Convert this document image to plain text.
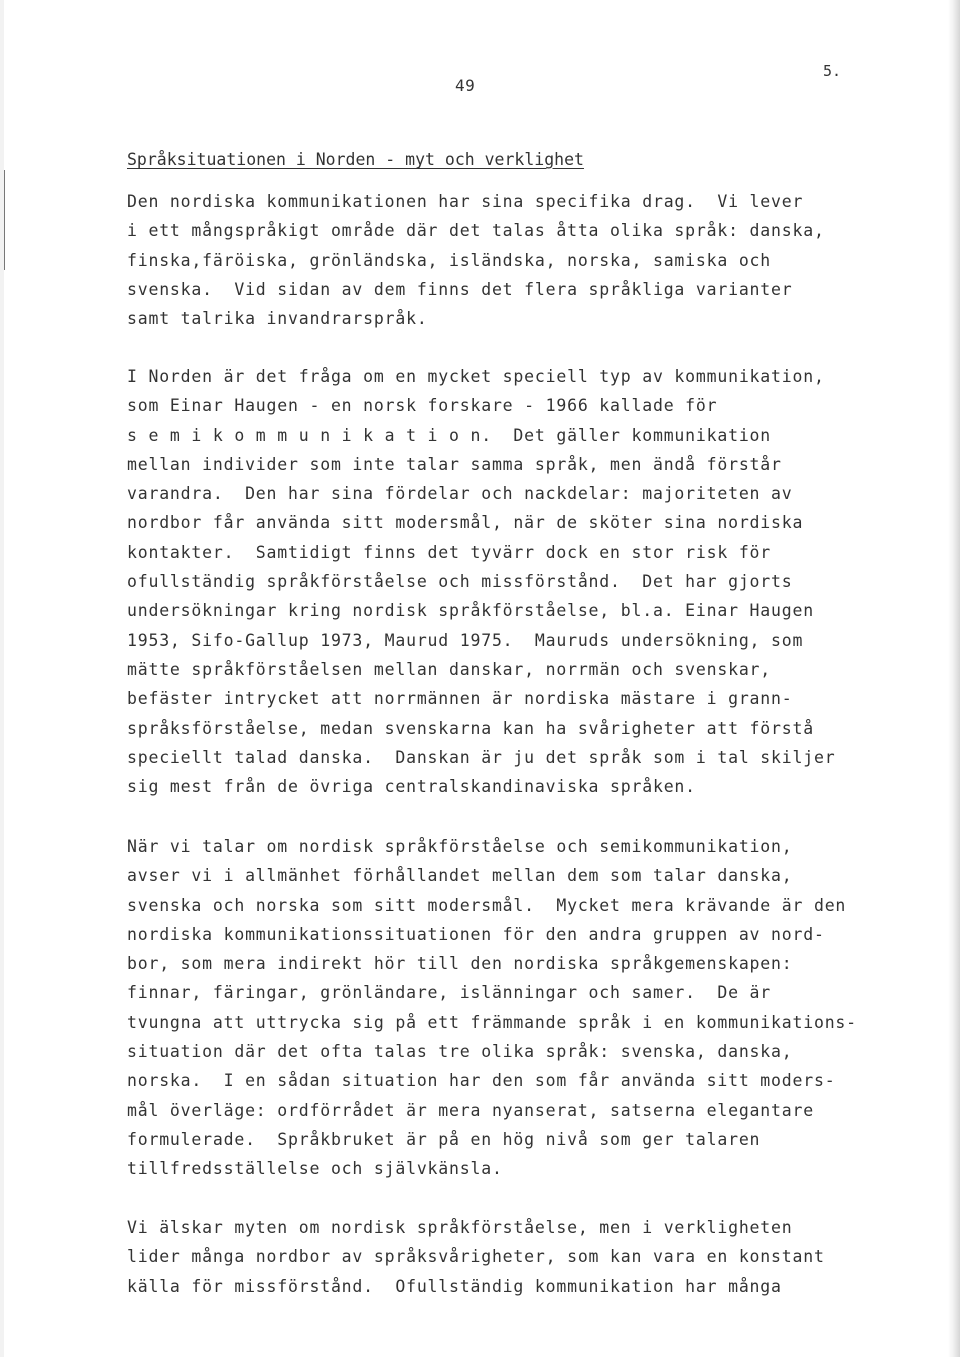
49
5.
Språksituationen i Norden - myt och verklighet
Den nordiska kommunikationen har sina specifika drag.  Vi lever
i ett mångspråkigt område där det talas åtta olika språk: danska,
finska,färöiska, grönländska, isländska, norska, samiska och
svenska.  Vid sidan av dem finns det flera språkliga varianter
samt talrika invandrarspråk.
I Norden är det fråga om en mycket speciell typ av kommunikation,
som Einar Haugen - en norsk forskare - 1966 kallade för
s e m i k o m m u n i k a t i o n.  Det gäller kommunikation
mellan individer som inte talar samma språk, men ändå förstår
varandra.  Den har sina fördelar och nackdelar: majoriteten av
nordbor får använda sitt modersmål, när de sköter sina nordiska
kontakter.  Samtidigt finns det tyvärr dock en stor risk för
ofullständig språkförståelse och missförstånd.  Det har gjorts
undersökningar kring nordisk språkförståelse, bl.a. Einar Haugen
1953, Sifo-Gallup 1973, Maurud 1975.  Mauruds undersökning, som
mätte språkförståelsen mellan danskar, norrmän och svenskar,
befäster intrycket att norrmännen är nordiska mästare i grann-
språksförståelse, medan svenskarna kan ha svårigheter att förstå
speciellt talad danska.  Danskan är ju det språk som i tal skiljer
sig mest från de övriga centralskandinaviska språken.
När vi talar om nordisk språkförståelse och semikommunikation,
avser vi i allmänhet förhållandet mellan dem som talar danska,
svenska och norska som sitt modersmål.  Mycket mera krävande är den
nordiska kommunikationssituationen för den andra gruppen av nord-
bor, som mera indirekt hör till den nordiska språkgemenskapen:
finnar, färingar, grönländare, islänningar och samer.  De är
tvungna att uttrycka sig på ett främmande språk i en kommunikations-
situation där det ofta talas tre olika språk: svenska, danska,
norska.  I en sådan situation har den som får använda sitt moders-
mål överläge: ordförrådet är mera nyanserat, satserna elegantare
formulerade.  Språkbruket är på en hög nivå som ger talaren
tillfredsställelse och självkänsla.
Vi älskar myten om nordisk språkförståelse, men i verkligheten
lider många nordbor av språksvårigheter, som kan vara en konstant
källa för missförstånd.  Ofullständig kommunikation har många
